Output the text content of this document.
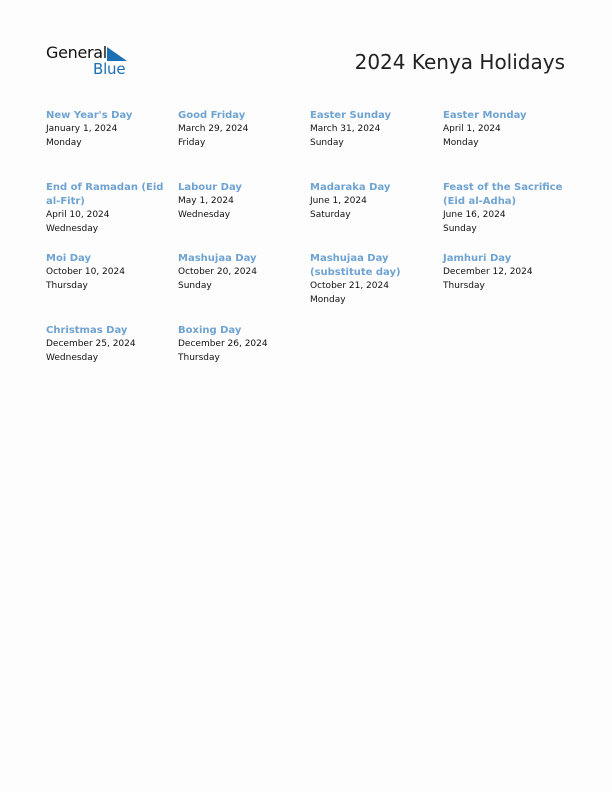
General
Blue	2024 Kenya Holidays

New Year's Day

January 1, 2024

Monday

Good Friday

March 29, 2024

Friday

Easter Sunday

March 31, 2024

Sunday

Easter Monday

April 1, 2024

Monday

End of Ramadan (Eid al-Fitr)

April 10, 2024

Wednesday

Labour Day

May 1, 2024

Wednesday

Madaraka Day

June 1, 2024

Saturday

Feast of the Sacrifice (Eid al-Adha)

June 16, 2024

Sunday

Moi Day

October 10, 2024

Thursday

Mashujaa Day

October 20, 2024

Sunday

Mashujaa Day (substitute day)

October 21, 2024

Monday

Jamhuri Day

December 12, 2024

Thursday

Christmas Day

December 25, 2024

Wednesday

Boxing Day

December 26, 2024

Thursday
